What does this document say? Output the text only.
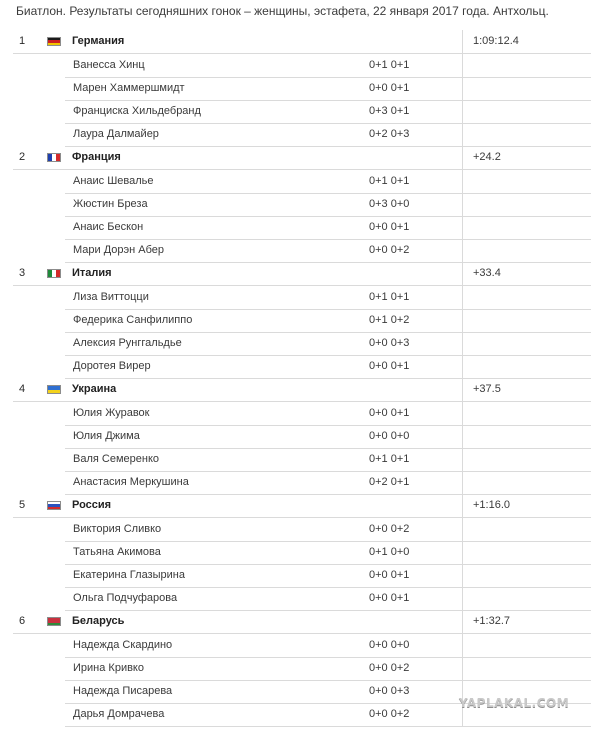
Биатлон. Результаты сегодняшних гонок – женщины, эстафета, 22 января 2017 года. Антхольц.
1	Германия	1:09:12.4
Ванесса Хинц	0+1 0+1
Марен Хаммершмидт	0+0 0+1
Франциска Хильдебранд	0+3 0+1
Лаура Далмайер	0+2 0+3
2	Франция	+24.2
Анаис Шевалье	0+1 0+1
Жюстин Бреза	0+3 0+0
Анаис Бескон	0+0 0+1
Мари Дорэн Абер	0+0 0+2
3	Италия	+33.4
Лиза Виттоцци	0+1 0+1
Федерика Санфилиппо	0+1 0+2
Алексия Рунггальдье	0+0 0+3
Доротея Вирер	0+0 0+1
4	Украина	+37.5
Юлия Журавок	0+0 0+1
Юлия Джима	0+0 0+0
Валя Семеренко	0+1 0+1
Анастасия Меркушина	0+2 0+1
5	Россия	+1:16.0
Виктория Сливко	0+0 0+2
Татьяна Акимова	0+1 0+0
Екатерина Глазырина	0+0 0+1
Ольга Подчуфарова	0+0 0+1
6	Беларусь	+1:32.7
Надежда Скардино	0+0 0+0
Ирина Кривко	0+0 0+2
Надежда Писарева	0+0 0+3
Дарья Домрачева	0+0 0+2
YAPLAKAL.COM
